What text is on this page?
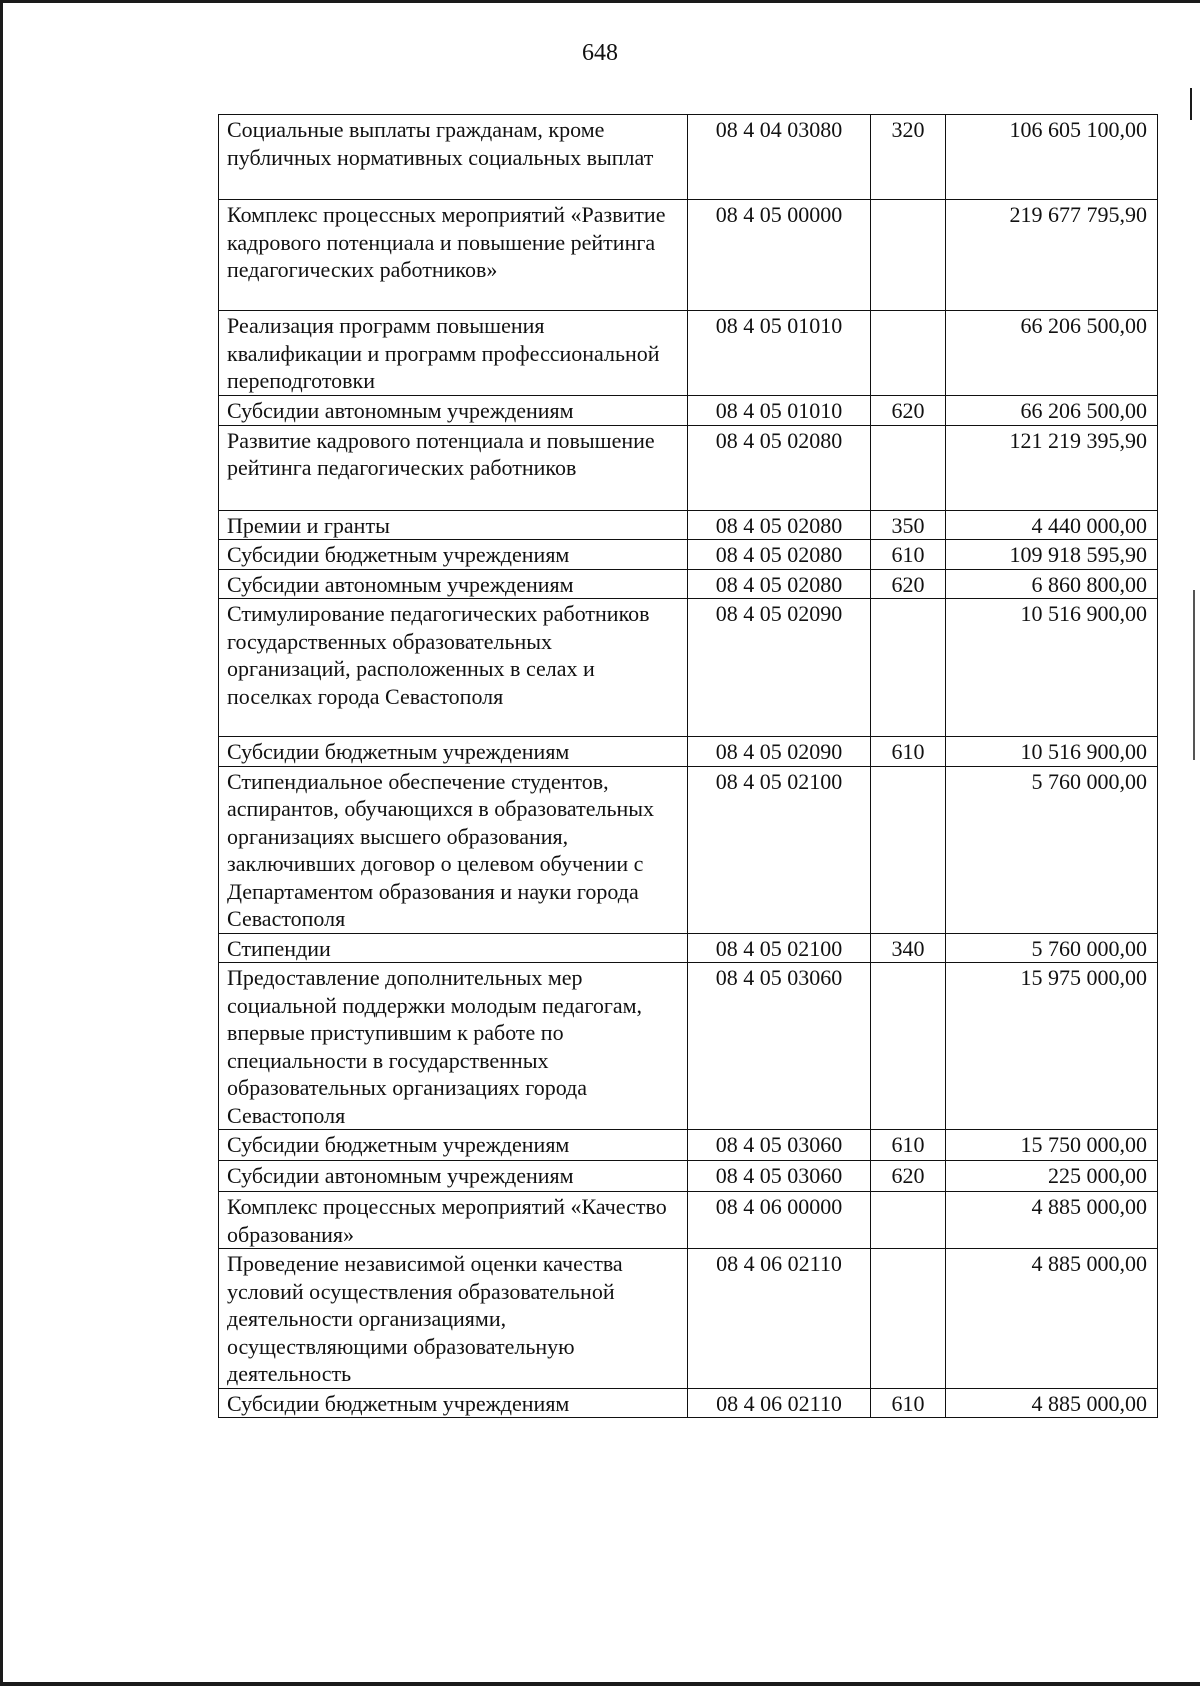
648
Социальные выплаты гражданам, кроме публичных нормативных социальных выплат	08 4 04 03080	320	106 605 100,00
Комплекс процессных мероприятий «Развитие кадрового потенциала и повышение рейтинга педагогических работников»	08 4 05 00000		219 677 795,90
Реализация программ повышения квалификации и программ профессиональной переподготовки	08 4 05 01010		66 206 500,00
Субсидии автономным учреждениям	08 4 05 01010	620	66 206 500,00
Развитие кадрового потенциала и повышение рейтинга педагогических работников	08 4 05 02080		121 219 395,90
Премии и гранты	08 4 05 02080	350	4 440 000,00
Субсидии бюджетным учреждениям	08 4 05 02080	610	109 918 595,90
Субсидии автономным учреждениям	08 4 05 02080	620	6 860 800,00
Стимулирование педагогических работников государственных образовательных организаций, расположенных в селах и поселках города Севастополя	08 4 05 02090		10 516 900,00
Субсидии бюджетным учреждениям	08 4 05 02090	610	10 516 900,00
Стипендиальное обеспечение студентов, аспирантов, обучающихся в образовательных организациях высшего образования, заключивших договор о целевом обучении с Департаментом образования и науки города Севастополя	08 4 05 02100		5 760 000,00
Стипендии	08 4 05 02100	340	5 760 000,00
Предоставление дополнительных мер социальной поддержки молодым педагогам, впервые приступившим к работе по специальности в государственных образовательных организациях города Севастополя	08 4 05 03060		15 975 000,00
Субсидии бюджетным учреждениям	08 4 05 03060	610	15 750 000,00
Субсидии автономным учреждениям	08 4 05 03060	620	225 000,00
Комплекс процессных мероприятий «Качество образования»	08 4 06 00000		4 885 000,00
Проведение независимой оценки качества условий осуществления образовательной деятельности организациями, осуществляющими образовательную деятельность	08 4 06 02110		4 885 000,00
Субсидии бюджетным учреждениям	08 4 06 02110	610	4 885 000,00
